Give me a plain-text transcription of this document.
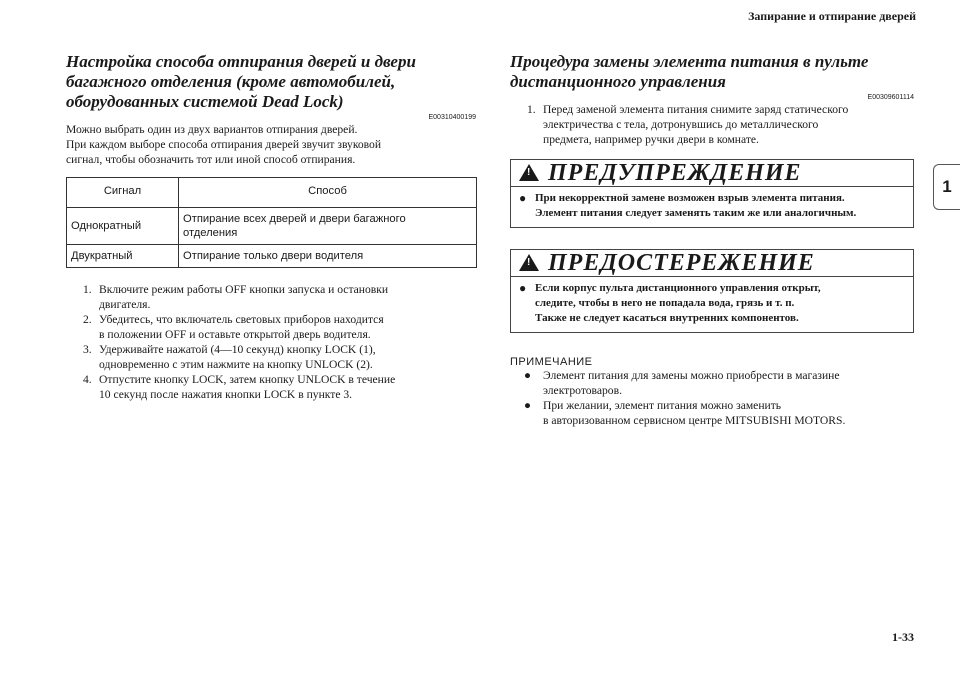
Запирание и отпирание дверей
1
1-33
Настройка способа отпирания дверей и двери
багажного отделения (кроме автомобилей,
оборудованных системой Dead Lock)
E00310400199

Можно выбрать один из двух вариантов отпирания дверей.
При каждом выборе способа отпирания дверей звучит звуковой
сигнал, чтобы обозначить тот или иной способ отпирания.

Сигнал	Способ
Однократный	Отпирание всех дверей и двери багажного
отделения
Двукратный	Отпирание только двери водителя
1. Включите режим работы OFF кнопки запуска и остановки
двигателя.
2. Убедитесь, что включатель световых приборов находится
в положении OFF и оставьте открытой дверь водителя.
3. Удерживайте нажатой (4—10 секунд) кнопку LOCK (1),
одновременно с этим нажмите на кнопку UNLOCK (2).
4. Отпустите кнопку LOCK, затем кнопку UNLOCK в течение
10 секунд после нажатия кнопки LOCK в пункте 3.
Процедура замены элемента питания в пульте
дистанционного управления
E00309601114
1. Перед заменой элемента питания снимите заряд статического
электричества с тела, дотронувшись до металлического
предмета, например ручки двери в комнате.
! ПРЕДУПРЕЖДЕНИЕ
● При некорректной замене возможен взрыв элемента питания.
Элемент питания следует заменять таким же или аналогичным.
! ПРЕДОСТЕРЕЖЕНИЕ
● Если корпус пульта дистанционного управления открыт,
следите, чтобы в него не попадала вода, грязь и т. п.
Также не следует касаться внутренних компонентов.
ПРИМЕЧАНИЕ
●	Элемент питания для замены можно приобрести в магазине
электротоваров.
●	При желании, элемент питания можно заменить
в авторизованном сервисном центре MITSUBISHI MOTORS.
